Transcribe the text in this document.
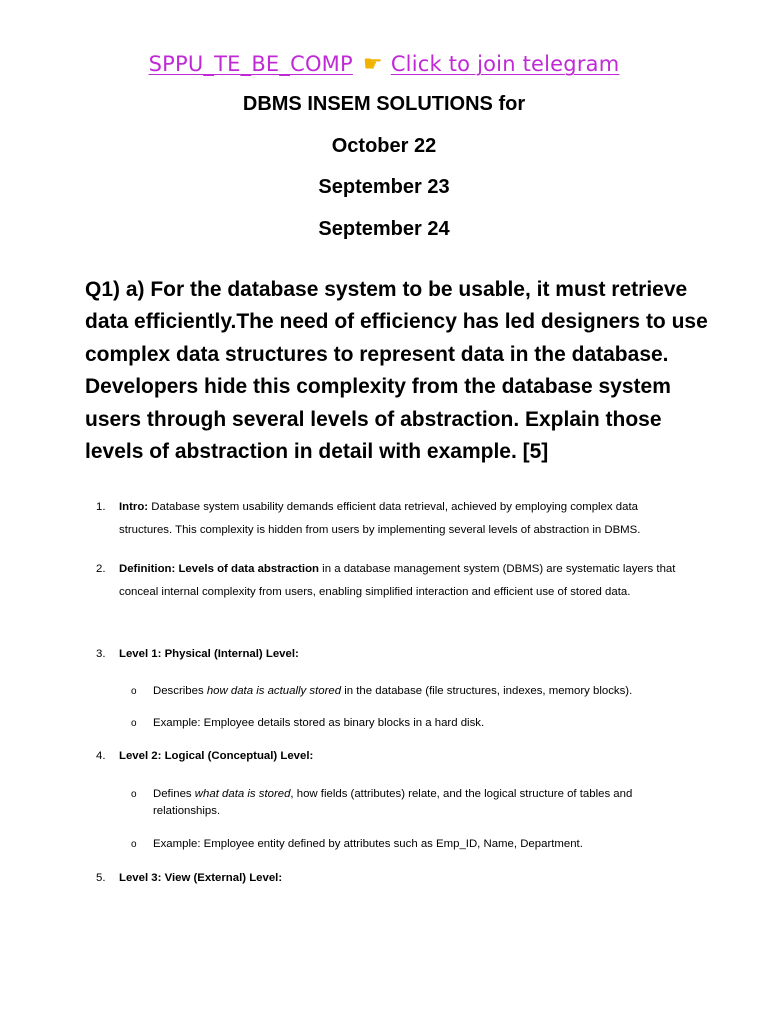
SPPU_TE_BE_COMP ☛ Click to join telegram
DBMS INSEM SOLUTIONS for
October 22
September 23
September 24
Q1) a) For the database system to be usable, it must retrieve data efficiently.The need of efficiency has led designers to use complex data structures to represent data in the database. Developers hide this complexity from the database system users through several levels of abstraction. Explain those levels of abstraction in detail with example. [5]
1. Intro: Database system usability demands efficient data retrieval, achieved by employing complex data structures. This complexity is hidden from users by implementing several levels of abstraction in DBMS.
2. Definition: Levels of data abstraction in a database management system (DBMS) are systematic layers that conceal internal complexity from users, enabling simplified interaction and efficient use of stored data.
3. Level 1: Physical (Internal) Level:
o Describes how data is actually stored in the database (file structures, indexes, memory blocks).
o Example: Employee details stored as binary blocks in a hard disk.
4. Level 2: Logical (Conceptual) Level:
o Defines what data is stored, how fields (attributes) relate, and the logical structure of tables and relationships.
o Example: Employee entity defined by attributes such as Emp_ID, Name, Department.
5. Level 3: View (External) Level:
